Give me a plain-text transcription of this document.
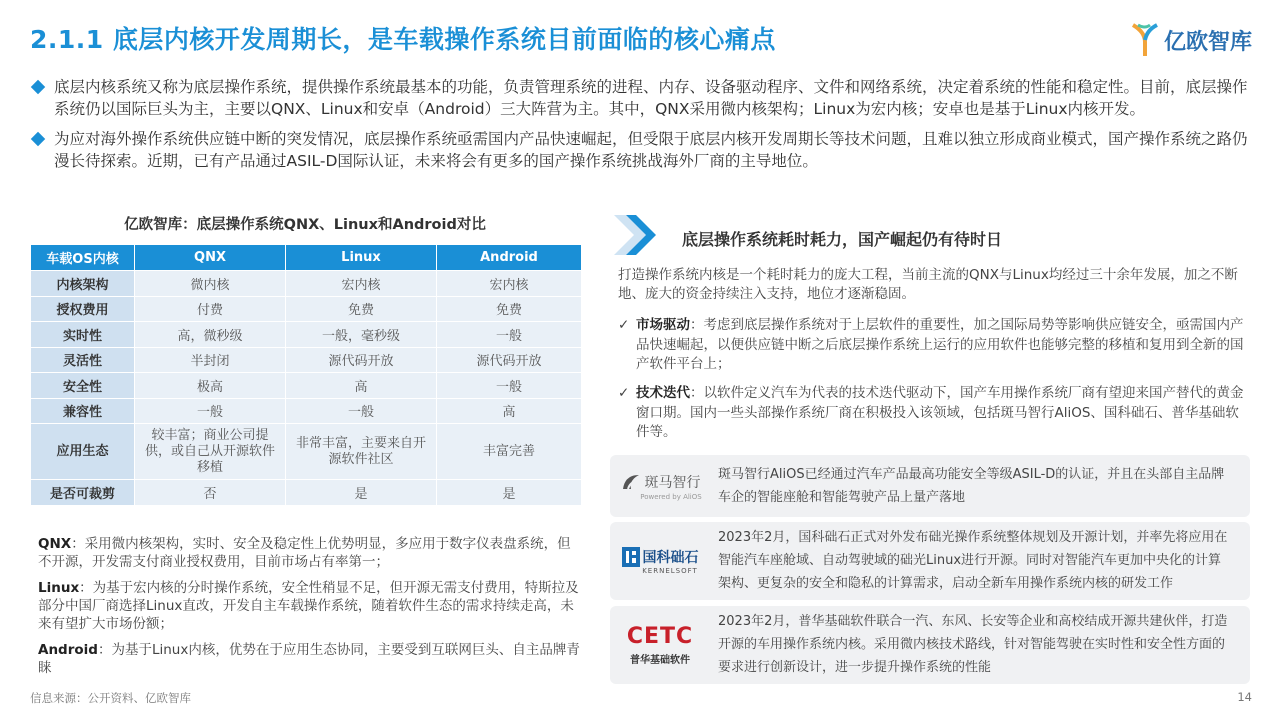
2.1.1 底层内核开发周期长，是车载操作系统目前面临的核心痛点	亿欧智库
底层内核系统又称为底层操作系统，提供操作系统最基本的功能，负责管理系统的进程、内存、设备驱动程序、文件和网络系统，决定着系统的性能和稳定性。目前，底层操作系统仍以国际巨头为主，主要以QNX、Linux和安卓（Android）三大阵营为主。其中，QNX采用微内核架构；Linux为宏内核；安卓也是基于Linux内核开发。
为应对海外操作系统供应链中断的突发情况，底层操作系统亟需国内产品快速崛起，但受限于底层内核开发周期长等技术问题，且难以独立形成商业模式，国产操作系统之路仍漫长待探索。近期，已有产品通过ASIL-D国际认证，未来将会有更多的国产操作系统挑战海外厂商的主导地位。
亿欧智库：底层操作系统QNX、Linux和Android对比
车载OS内核	QNX	Linux	Android
内核架构	微内核	宏内核	宏内核
授权费用	付费	免费	免费
实时性	高，微秒级	一般，毫秒级	一般
灵活性	半封闭	源代码开放	源代码开放
安全性	极高	高	一般
兼容性	一般	一般	高
应用生态	较丰富；商业公司提供，或自己从开源软件移植	非常丰富，主要来自开源软件社区	丰富完善
是否可裁剪	否	是	是
QNX：采用微内核架构，实时、安全及稳定性上优势明显，多应用于数字仪表盘系统，但不开源，开发需支付商业授权费用，目前市场占有率第一；
Linux：为基于宏内核的分时操作系统，安全性稍显不足，但开源无需支付费用，特斯拉及部分中国厂商选择Linux直改，开发自主车载操作系统，随着软件生态的需求持续走高，未来有望扩大市场份额；
Android：为基于Linux内核，优势在于应用生态协同，主要受到互联网巨头、自主品牌青睐
底层操作系统耗时耗力，国产崛起仍有待时日
打造操作系统内核是一个耗时耗力的庞大工程，当前主流的QNX与Linux均经过三十余年发展，加之不断地、庞大的资金持续注入支持，地位才逐渐稳固。
✓ 市场驱动：考虑到底层操作系统对于上层软件的重要性，加之国际局势等影响供应链安全，亟需国内产品快速崛起，以便供应链中断之后底层操作系统上运行的应用软件也能够完整的移植和复用到全新的国产软件平台上；
✓ 技术迭代：以软件定义汽车为代表的技术迭代驱动下，国产车用操作系统厂商有望迎来国产替代的黄金窗口期。国内一些头部操作系统厂商在积极投入该领域，包括斑马智行AliOS、国科础石、普华基础软件等。
斑马智行
Powered by AliOS
斑马智行AliOS已经通过汽车产品最高功能安全等级ASIL-D的认证，并且在头部自主品牌车企的智能座舱和智能驾驶产品上量产落地
国科础石
KERNELSOFT
2023年2月，国科础石正式对外发布础光操作系统整体规划及开源计划，并率先将应用在智能汽车座舱域、自动驾驶域的础光Linux进行开源。同时对智能汽车更加中央化的计算架构、更复杂的安全和隐私的计算需求，启动全新车用操作系统内核的研发工作
CETC
普华基础软件
2023年2月，普华基础软件联合一汽、东风、长安等企业和高校结成开源共建伙伴，打造开源的车用操作系统内核。采用微内核技术路线，针对智能驾驶在实时性和安全性方面的要求进行创新设计，进一步提升操作系统的性能
信息来源：公开资料、亿欧智库	14
